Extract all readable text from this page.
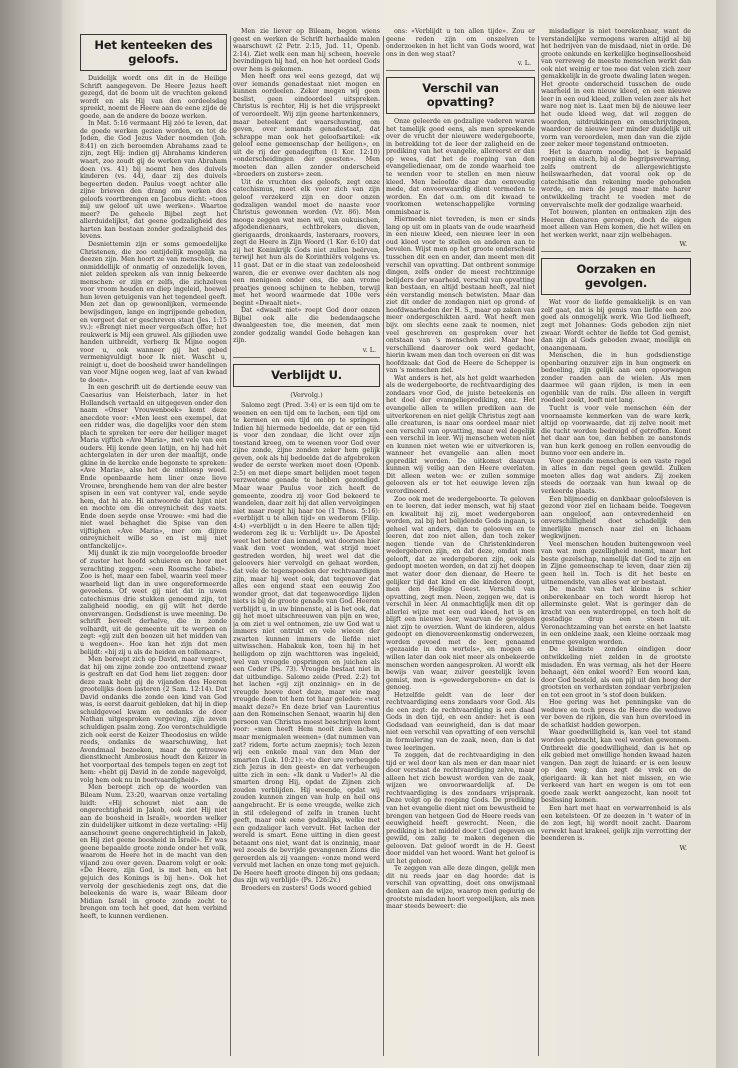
Het kenteeken des geloofs.

Duidelijk wordt ons dit in de Heilige Schrift aangegeven. De Heere Jezus heeft gezegd, dat de boom uit de vruchten gekend wordt en als Hij van den oordeelsdag spreekt, noemt de Heere aan de eene zijde de goede, aan de andere de booze werken.

In Mat. 5:16 vermaant Hij zóó te leven, dat de goede werken gezien worden, en tot de Joden, die God Jezus Vader noemden (Joh. 8:41) en zich beroemden Abrahams zaad te zijn, zegt Hij: indien gij Abrahams kinderen waart, zoo zoudt gij de werken van Abraham doen (vs. 41) bij noemt hen des duivels kinderen (vs. 44), daar zij des duivels begeerten deden. Paulus voegt achter alle zijne brieven den drang om werken des geloofs voortbrengen en Jacobus dicht: «toon mij uw geloof uit uwe werken». Waartoe meer? De geheele Bijbel zegt het allerduidelijkst, dat geene godzaligheid des harten kan bestaan zonder godzaligheid des levens.

Desniettemin zijn er soms gemoedelijke Christenen, die zoo ontijdelijk mogelijk na deezen zijn. Men hoort ze van menschen, die onmiddellijk of onmatig of onzedelijk leven, niet zelden spreken als van innig bekeerde menschen: er zijn er zelfs, die zichzelven voor vroom houden en diep ingeleid, hoewel hun leven getuigenis van het tegendeel geeft. Men zet dan op gewoonlijken, vermeende bewijsdingen, lange en ingrijpende gebeden, en vergeet dat er geschreven staat (Jes. 1:15 vv.): «Brengt niet meer vergeefsch offer; het reukwerk is Mij een gruwel. Als gijlieden uwe handen uitbreidt, verberg Ik Mijne oogen voor u, ook wanneer gij het gebed vermenigvuldigt hoor Ik niet. Wascht u, reinigt u, doet de boosheid uwer handelingen van voor Mijne oogen weg, laat af van kwaad te doen».

In een geschrift uit de dertiende eeuw van Caesarius van Heisterbach, later in het Hollandsch vertaald en uitgegeven onder den naam «Onser Vrouwenboek» komt deze anecdote voor: «Men leest een exempel, dat een ridder was, die dagelijks voor den stem plach te spreken ter eere der heiliger maget Maria vijftich «Ave Maria», met vele van een ouders. Hij kende geen latijn, en hij had hêt achtergelaten in der uren der maaltijt, onde gkine in de kercke ende begonste te spreken: «Ave Maria», also het de onbloesp woed. Ende openbaarde hem liner onze lieve Vrouwe, brenghende hem van der alre bester spisen in een vat contyver val, ende seyde hem, dat hi ate. Hi antwoorde dat hijnt niet en mochte om die onreynicheit des vaets. Ende doen seyde onse Vrouwe: «mi had die niet wael behaghet die Spise van den vijftighen «Ave Maria», mer om dijnre onreynicheit wille so en ist mij niet ontfanckelijc».

Mij dunkt ik zie mijn voorgeloofde broeder of zuster het hoofd schuieren en hoor met verachting zeggen: «een Roomsche fabel». Zoo is het, maar een fabel, waarin veel meer waarheid ligt dan in uwe ongereformeerde gevoelens. Of weet gij niet dat in uwen catechismus drie stukken genoemd zijn, tot zaligheid noodig, en gij wilt het derde onvervangen. Godsdienst is uwe meening. De schrift beveelt derhalve, die in zonde volhardt, uit de gemeente uit te werpen en zegt: «gij zult den boozen uit het midden van u wegdoen». Hoe kan het zijn dat men belijdt: «hij zij u als de heiden en tollenaar».

Men beroept zich op David, maar vergeet, dat hij om zijne zonde zoo ontzettend zwaar is gestraft en dat God hem liet zeggen: door deze zaak hebt gij de vijanden des Heeren grootelijks doen lasteren (2 Sam. 12:14). Dat David ondanks die zonde een kind van God was, is eerst daaruit gebleken, dat hij in diep schuldgevoel kwam en ondanks de door Nathan uitgesproken vergeving, zijn zeven schuldigen psalm zong. Zoo verontschuldigde zich ook eerst de Keizer Theodosius en wilde reeds, ondanks de waarschuwing, het Avondmaal bezoeken, maar de getrouwe dienstknecht Ambrosius houdt den Keizer in het voorportaal des tempels tegen en zegt tot hem: «hebt gij David in de zonde nagevolgd, volg hem ook nu in boetvaardigheid».

Men beroept zich op de woorden van Bileam Num. 23:20, waarvan onze vertaling luidt: «Hij schouwt niet aan de ongerechtigheid in Jakob, ook ziet Hij niet aan de boosheid in Israël», woorden welker zin duidelijker uitkomt in deze vertaling: «Hij aanschouwt geene ongerechtigheid in Jakob, en Hij ziet geene boosheid in Israël». Er was geene bepaalde groote zonde onder het volk, waarom de Heere het in de macht van den vijand zou over geven. Daarom volgt er ook: «De Heere, zijn God, is met hen, en het gejuich des Konings is bij hen». Ook het vervolg der geschiedenis zegt ons, dat die beleekenis de ware is, waar Bileam door Midian Israël in groote zonde zocht te brengen om toch het goed, dat hem verbind heeft, te kunnen verdienen.

Men zie liever op Bileam, begon wiens geest en werken de Schrift herhaalde malen waarschuwt (2 Petr. 2:15, Jud. 11, Openb. 2:14). Ziet welk een man hij scheen, hoevele bevindingen hij had, en hoe het oordeel Gods over hem is gekomen.

Men heeft ons wel eens gezegd, dat wij over iemands genadestaat niet mogen en kunnen oordeelen. Zeker mogen wij geen beslist, geen eindoordeel uitspreken. Christus is rechter, Hij is het die vrijspreekt of veroordeelt. Wij zijn geene hartenkenners, maar beteekent dat waarschuwing, om geven, over iemands genadestaat, dat schrappe man ook het geloofsartikel: «ik geloof eene gemeenschap der heiligen», en uit de rij der genadegiften (1 Kor. 12:10) «onderscheidingen der geesten». Men moeten dan allen zonder onderscheid «broeders en zusters» zeen.

Uit de vruchten des geloofs, zegt onze catechismus, moet elk voor zich van zijn geloof verzekerd zijn en door onzen godzaligen wandel moet de naaste voor Christus gewonnen worden (Vr. 86). Men mooge zeggen wat men wil, van oukuischen, afgodendienaars, echtbrekers, dieven, gierigaards, dronkaards, lasteraars, roovers, zegt de Heere in Zijn Woord (1 Kor. 6:10) dat zij het Koninkrijk Gods niet zullen beërven, terwijl het hun als de Korinthiërs volgens vs. 11 gaat. Dat er in die staat van zedeloosheid waren, die er evenwe over dachten als nog een menigeen onder ons, die aan vrome praatjes genoeg schijnen te hebben, terwijl met het woord waarmede dat 100e vers begint «Dwaalt niet».

Dat «dwaalt niet» roept God door onzen Bijbel ook alle die bedendaagsche dwaalgeesten toe, die meenen, dat men zonder godzalig wandel Gode behagen kan zijn.

v. L.
Verblijdt U.
(Vervolg.)

Salomo zegt (Pred. 3:4) er is een tijd om te weenen en een tijd om te lachen, een tijd om te kermen en een tijd om op te springen. Indien hij hiermede bedoelde, dat er een tijd is voor den zondaar, die licht over zijn toestand kreeg, om te weenen voor God over zijne zonde, zijne zonden zeker hem gelijk geven, ook als hij bedoelde dat de afgebroken weder de eerste werken moet doen (Openb. 2:5) en met diepe smart belijden moet tegen verzwetene genade te hebben gezondigd. Maar waar Paulus voor zich heeft de gemeente, zoodra zij voor God bekeerd te wandelen, daar zeit hij dat allen vervolgingen niet maar roept hij haar toe (1 Thess. 5:16): «verblijdt u te allen tijd» en wederom (Filip. 4:4) «verblijdt u in den Heere te allen tijd; wederom zeg ik u: Verblijdt u». De Apostel weet het beter dan iemand, wat doornen hier vaak den voet wonden, wat strijd moet gestreden worden, hij weet wel dat die geloovers hier vervolgd en gehaat worden, dat vele de tegenspoeden der rechtvaardigen zijn, maar hij weet ook, dat tegenover dat alles een engend staat een eeuwig Zoo wonder groot, dat dat tegenwoordige lijden niets is bij de groote genade van God. Heeren verblijdt u, in uw binnenste, al is het ook, dat gij het moet uitschreeuwen van pijn en wee, ja om ziet u wel ontnomen, zie uw God wat u immers niet ontrukt en vele wiecen der zwarten kunnen immers de liefde niet uitwisschen. Habakuk kon, toen hij in het heiligdom op zijn wachttoren was ingeleid, wel van vreugde opspringen en juichen als een Ceder (Ps. 73). Vreugde bestaat niet in dat uitbundige. Salomo zeide (Pred. 2:2) tot het lachen «gij zijt onzinnig» en in de vreugde hoeve doet deze, maar wie mag vreugde doen tot hem tot haar geleden: «wat maakt deze?» En deze brief van Laurentius aan den Romeinschen Senaat, waarin hij den persoon van Christus moest beschrijven komt voor: «men heeft Hem nooit zien lachen, maar menigmalen weenen» (dat nummen van zat? ridem, forte actum zaepnis); toch lezen wij een enkele maal van den Man der smarten (Luk. 10:21): «te dier ure verheugde zich Jezus in den geest» en dat verheugen uitte zich in een: «Ik dank u Vader!» Al die smarten drong Hij, opdat de Zijnen zich zouden verblijden. Hij weende, opdat wij zouden kunnen zingen van hulp en heil ons aangebracht. Er is eene vreugde, welke zich in stil cdelegend of zelfs in tranen lucht geeft, maar ook eene godzalijks, welke met een godzaliger lach vervult. Het lachen der wereld is smart. Eene uitting in dien geest betaamt ons niet, want dat is onzinnig, maar wel zooals de bevrijde gevangenen Zions die geroerden als zij vaangen: «onze mond werd vervuld met lachen en onze tong met gejuich. De Heere heeft groote dingen bij ons gedaan; dus zijn wij verblijd» (Ps. 126:2v.)

Broeders en zusters! Gods woord gebied

ons: «Verblijdt u ten allen tijde». Zou er geene reden zijn om onszelven te onderzoeken in het licht van Gods woord, wat ons in den weg staat?

v. L.
Verschil van opvatting?

Onze geleerde en godzalige vaderen waren het tamelijk goed eens, als men spreekende over de vrucht der nieuwere wedergeboorte, in betrekking tot de leer der zaligheid en de prediking van het evangelie, allereerst er dan op wees, dat het de roeping van den evangeliedienaar, om de zonde waarheid toe te wenden voor te stellen en men nieuw kleed. Men beloofde daar dan eenvoudig mede, dat onvoorwaardig dient vermeden te worden. En dat o.m. om dit kwaad te voorkomen wetenschappelijke vorming ommisbaar is.

Hiermede niet tevreden, is men er sinds lang op uit om in plaats van de oude waarheid in een nieuw kleed, een nieuwe leer in een oud kleed voor te stellen en anderen aan te bevelen. Wijst men op het groote onderscheid tusschen dit een en ander, dan meent men dit verschil van opvatting. Dat ontbrent sommige dingen, zelfs onder de meest rechtzinnige belijders der waarheid, verschil van opvatting kan bestaan, en altijd bestaan heeft, zal niet één verstandig mensch betwisten. Maar dan ziet dit onder de zondagen niet op grond- of hoofdwaarheden der H. S., maar op zaken van meer ondergeschikten aard. Wat heeft men bijv. om slechts eene zaak te noemen, niet veel geschreven en gesproken over het ontstaan van 's menschen ziel. Maar hoe verschillend daarover ook werd gedacht, hierin kwam men dan toch overeen en dit was hoofdzaak: dat God de Heere de Schepper is van 's menschen ziel.

Wat anders is het, als het geldt waarheden als de wedergeboorte, de rechtvaardiging des zondaars voor God, de juiste beteekenis en het doel der evangelieprediking, enz. Het evangelie allen te willen prediken aan de uitverkorenen en niet gelijk Christus zegt aan alle creaturen, is naar ons oordeel maar niet een verschil van opvatting, maar wel degelijk een verschil in leer. Wij menschen weten niet en kunnen niet weten wie er uitverkoren is, wanneer het evangelie aan allen moet gepredikt worden. De uitkomst daarvan kunnen wij veilig aan den Heere overlaten. Dit alleen weten we: er zullen sommige gelooven als er tot het eeuwige leven zijn verordineerd.

Zoo ook met de wedergeboorte. Te geloven en te leeren, dat ieder mensch, wat hij staat en kwaliteit hij zij, moet wedergeboren worden, zal bij het belijdende Gods ingaan, is geheel wat anders, dan te gelooven en te leeren, dat zoo niet allen, dan toch zeker negen tiende van de Christenkinderen wedergeboren zijn, en dat deze, omdat men gelooft, dat ze wedergeboren zijn, ook als gedoopt moeten worden, en dat zij het doopen met water door den dienaar, de Heere te gelijker tijd dat kind en die kinderen doopt, men den Heilige Geest. Verschil van opvatting, zegt men. Neen, zeggen we, dat is verschil in leer. Al onmachtiglijk men dit op allerlei wijze met een oud kleed, het is en blijft een nieuwe leer, waarvan de gevolgen niet zijn te overzien. Want de kinderen, aldus gedoopt en dienovereenkomstig onderwezen, worden gevoed met de leer, genaamd «gezaaide in den wortels», en mogen en willen later dan ook niet meer als onbekeerde menschen worden aangesproken. Al wordt elk bewijs van waar, zuiver geestelijk leven gemist, men is «gewedergeboren» en dat is genoeg.

Hetzelfde geldt van de leer der rechtvaardiging eens zondaars voor God. Als de een zegt: de rechtvaardiging is een daad Gods in den tijd, en een ander: het is een Godsdaad van eeuwigheid, dan is dat maar niet een verschil van opvatting of een verschil in formulering van de zaak, neen, dan is dat twee leeringen.

Te zeggen, dat de rechtvaardiging in den tijd er wel door kan als men er dan maar niet door verstaat de rechtvaardiging zelve, maar alleen het zich bewust worden van de zaak, wijzen we onvoorwaardelijk af. De rechtvaardiging is des zondaars vrijspraak. Deze volgt op de roeping Gods. De prediking van het evangelie dient niet om bewustheid te brengen van hetgeen God de Heere reeds van eeuwigheid heeft gewrocht. Neen, die prediking is het middel door t.God gegeven en gewild, om zalig te maken degenen die gelooven. Dat geloof wordt in de H. Geest door middel van het woord. Want het geloof is uit het gehoor.

Te zeggen van alle deze dingen, gelijk men dit nu reeds jaar en dag hoorde: dat is verschil van opvatting, doet ons onwijsmaal denken aan de wijze, waarop men gedurig de grootste misdaden hoort vergoelijken, als men maar steeds beweert: die

misdadiger is niet toerekenbaar, want de verstandelijke vermogens waren altijd al bij het bedrijven van de misdaad, niet in orde. De groote onkunde en kerkelijke beginselloosheid van verreweg de meeste menschen werkt dan ook niet weinig er toe mee dat velen zich zeer gemakkelijk in de groote dwaling laten wegen. Het groote onderscheid tusschen de oude waarheid in een nieuw kleed, en een nieuwe leer in een oud kleed, zullen velen zeer als het ware nog niet is. Laat men bij de nieuwe leer het oude kleed weg, dat wil zeggen de woorden, uitdrukkingen en omschrijvingen, waardoor de nieuwe leer minder duidelijk uit vorm van veroordelen, men dan van die zijde zeer zeker meer tegenstand ontmoeten.

Het is daarom noodig, het is bepaald roeping en eisch, bij al de begripsverwarring, zelfs omtrent de allergewichtigste heilswaarheden, dat vooral ook op de catechisatie dan rekening mede gehouden worde, en men de jeugd maar mate harer ontwikkeling tracht te voeden met de onvervalschte melk der godzalige waarheid.

Tot bouwen, planten en ontmaken zijn des Heeren dienaren geroepen, doch de eigen moet alleen van Hem komen, die het willen en het werken werkt, naar zijn welbehagen.

W.
Oorzaken en gevolgen.

Wat voor de liefde gemakkelijk is en van zelf gaat, dat is bij gemis van liefde een zoo goed als onmogelijk werk. Wie God liefheeft, zegt met Johannes: Gods geboden zijn niet zwaar. Wordt echter de liefde tot God gemist, dan zijn al Gods geboden zwaar, moeilijk en onaangenaam.

Menschen, die in hun godsdienstige openbaring onzuiver zijn in hun ongmerk en bedoeling, zijn gelijk aan een opoorwagen zonder raaden aan de wielen. Als men daarmee wil gaan rijden, is men in een ogenblik van de rails. Die alleen in vergift roedeel zoekt, loeft niet lang.

Tucht is voor vele menschen één der voornaamste kenmerken van de ware kerk, altijd op voorwaarde, dat zij zelve nooit met die tucht worden bedreigd of getroffen. Komt het daar aan toe, dan hebben ze aanstonds van hun kerk genoeg en rollen eenvoudig de bunno voor een andere in.

Voor gezonde menschen is een vaste regel in alles in dan regel geen gewild. Zulken moeten alles dag wat anders. Zij zoeken steeds de oorzaak van hun kwaal op de verkeerde plaats.

Een blijmoedig en dankbaar geloofsleven is gezond voor ziel en lichaam beide. Toegeven aan ongeloof, aan ontevredenheid en onverschilligheid doet schadelijk den innerlijke mensch naar ziel en lichaam wegkwijnen.

Veel menschen houden buitengewoon veel van wat men gezelligheid noemt, maar het beste gezelschap, namelijk dat God te zijn en in Zijne gemeenschap te leven, daar zien zij geen heil in. Toch is dit het beste en uitnemendste, van alles wat er bestaat.

De macht van het kleine is schier onberekenbaar en toch wordt hierop het allerminste gelet. Wat is geringer dan de kracht van een waterdroppel, en toch holt de gestadige drup een steen uit. Veronachtzaming van het eerste en het laatste in een onkleine zaak, een kleine oorzaak mag enorme gevolgen worden.

De kleinste zonden eindigen door ontwikkeling niet zelden in de grootste misdaden. En was vermag, als het der Heere behaagt, één enkel woord? Een woord kan, door God besteld, als een pijl uit den boog der grootsten en verhardsten zondaar verbrijzelen en tot een groot in 's stof doen bukken.

Hoe gering was het penningske van de weduwe en toch prees de Heere die weduwe ver boven de rijken, die van hun overvloed in de schatkist hadden geworpen.

Waar goedwilligheid is, kan veel tot stand worden gebracht, kan veel worden gewonnen. Ontbreekt die goedwilligheid, dan is het op elk gebied met onwillige honden kwaad hazen vangen. Dan zegt de luiaard: er is een leeuw op den weg; dan zegt de vrek en de gierigaard: ik kan het niet missen, en wie verkeerd van hart en wegen is om tot een goede zaak werkt aangezocht, kan nooit tot beslissing komen.

Een hart met haat en verwarrenheid is als een ketelsteen. Of ze deezen in 't water of in de zon legt, hij wordt nooit zacht. Daarom verwekt haat krakeel, gelijk zijn verrotting der beenderen is.

W.
